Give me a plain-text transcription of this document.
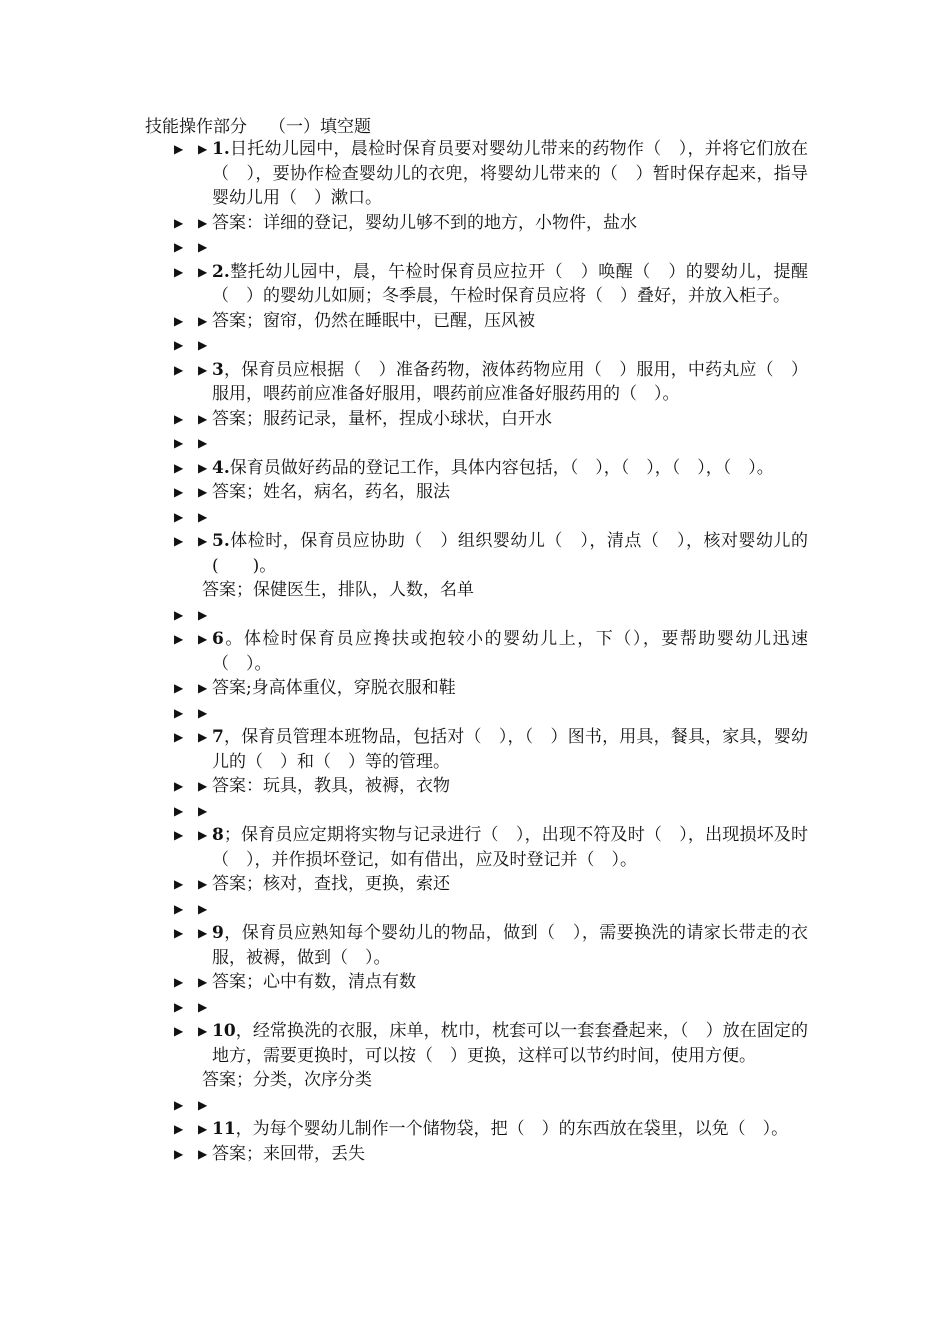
技能操作部分 （一）填空题
▶ ▶ 1.日托幼儿园中，晨检时保育员要对婴幼儿带来的药物作（　），并将它们放在（　），要协作检查婴幼儿的衣兜，将婴幼儿带来的（　）暂时保存起来，指导婴幼儿用（　）漱口。
▶ ▶ 答案：详细的登记，婴幼儿够不到的地方，小物件，盐水
▶ ▶

▶ ▶ 2.整托幼儿园中，晨，午检时保育员应拉开（　）唤醒（　）的婴幼儿，提醒（　）的婴幼儿如厕；冬季晨，午检时保育员应将（　）叠好，并放入柜子。
▶ ▶ 答案；窗帘，仍然在睡眠中，已醒，压风被
▶ ▶

▶ ▶ 3，保育员应根据（　）准备药物，液体药物应用（　）服用，中药丸应（　）服用，喂药前应准备好服用，喂药前应准备好服药用的（　）。
▶ ▶ 答案；服药记录，量杯，捏成小球状，白开水
▶ ▶

▶ ▶ 4.保育员做好药品的登记工作，具体内容包括，（　），（　），（　），（　）。
▶ ▶ 答案；姓名，病名，药名，服法
▶ ▶

▶ ▶ 5.体检时，保育员应协助（　）组织婴幼儿（　），清点（　），核对婴幼儿的(　　)。
答案；保健医生，排队，人数，名单
▶ ▶

▶ ▶ 6。体检时保育员应搀扶或抱较小的婴幼儿上，下（），要帮助婴幼儿迅速（　）。
▶ ▶ 答案;身高体重仪，穿脱衣服和鞋
▶ ▶

▶ ▶ 7，保育员管理本班物品，包括对（　），（　）图书，用具，餐具，家具，婴幼儿的（　）和（　）等的管理。
▶ ▶ 答案：玩具，教具，被褥，衣物
▶ ▶

▶ ▶ 8；保育员应定期将实物与记录进行（　），出现不符及时（　），出现损坏及时（　），并作损坏登记，如有借出，应及时登记并（　）。
▶ ▶ 答案；核对，查找，更换，索还
▶ ▶

▶ ▶ 9，保育员应熟知每个婴幼儿的物品，做到（　），需要换洗的请家长带走的衣服，被褥，做到（　）。
▶ ▶ 答案；心中有数，清点有数
▶ ▶

▶ ▶ 10，经常换洗的衣服，床单，枕巾，枕套可以一套套叠起来，（　）放在固定的地方，需要更换时，可以按（　）更换，这样可以节约时间，使用方便。
答案；分类，次序分类
▶ ▶

▶ ▶ 11，为每个婴幼儿制作一个储物袋，把（　）的东西放在袋里，以免（　）。
▶ ▶ 答案；来回带，丢失
